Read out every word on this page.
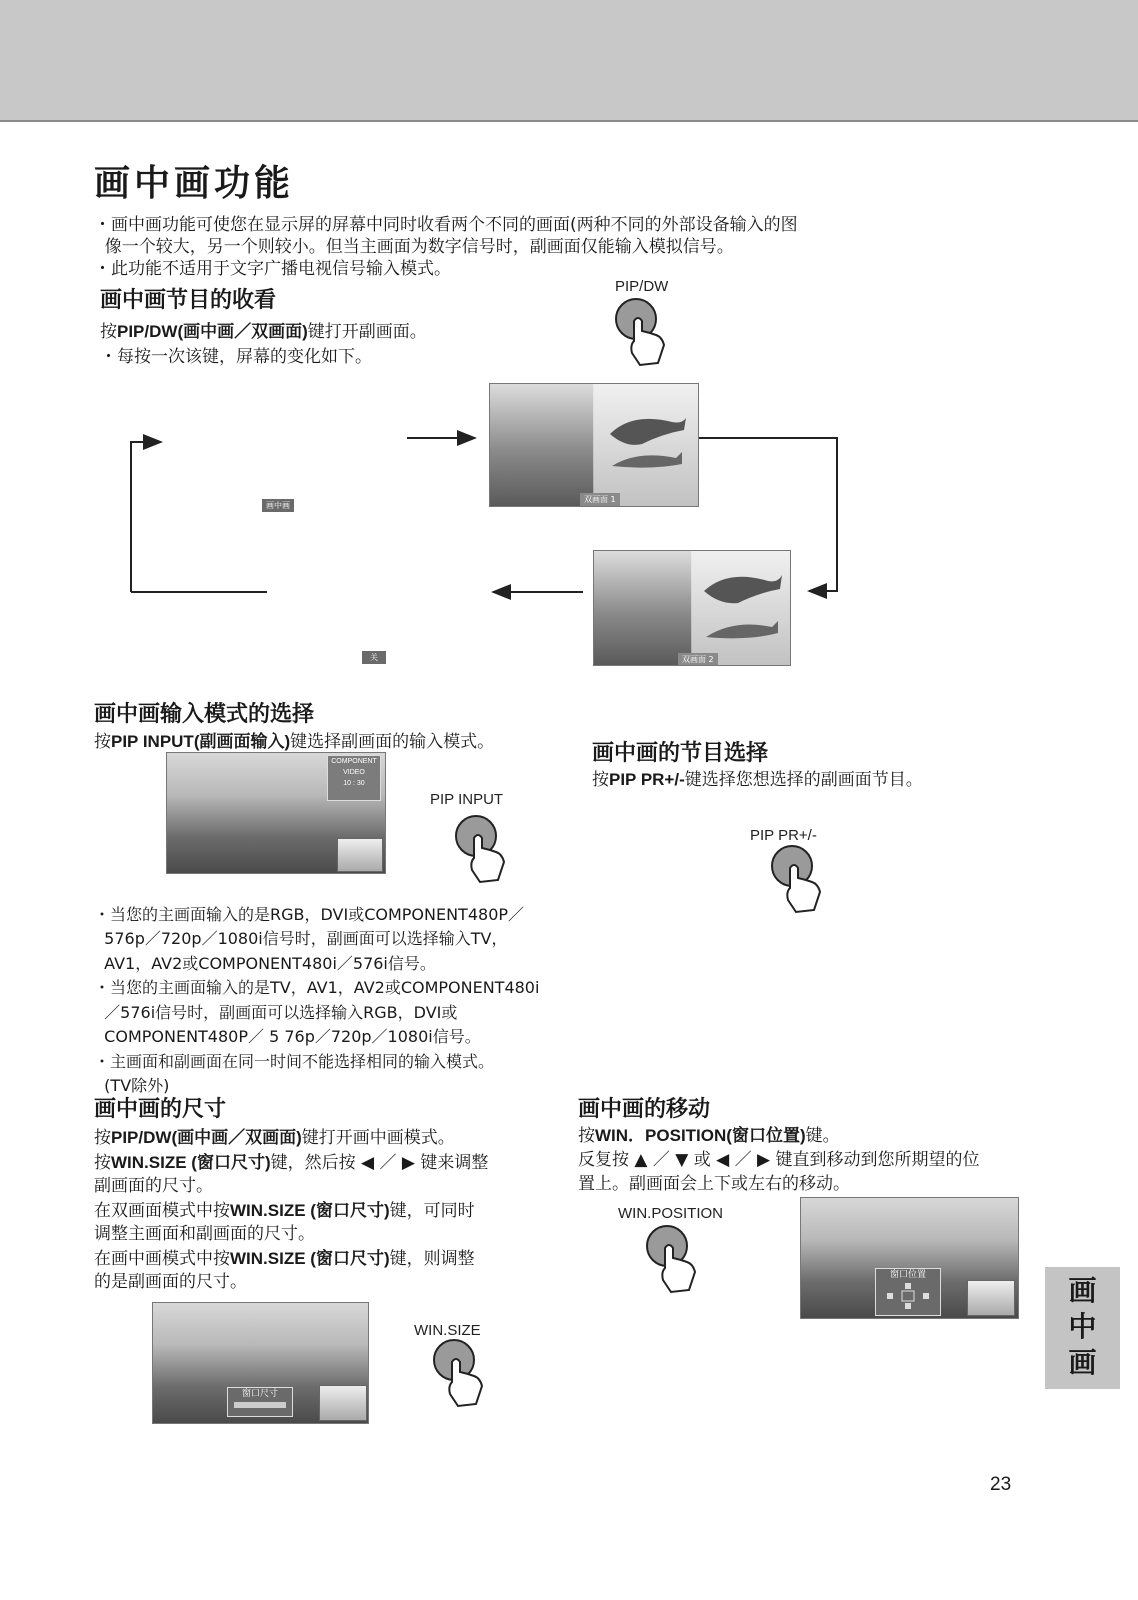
画中画功能

・画中画功能可使您在显示屏的屏幕中同时收看两个不同的画面(两种不同的外部设备输入的图

像一个较大，另一个则较小。但当主画面为数字信号时，副画面仅能输入模拟信号。

・此功能不适用于文字广播电视信号输入模式。

画中画节目的收看
PIP/DW
按PIP/DW(画中画／双画面)键打开副画面。
・每按一次该键，屏幕的变化如下。
画中画
双画面 1
双画面 2
关
画中画输入模式的选择
按PIP INPUT(副画面输入)键选择副画面的输入模式。
COMPONENT
VIDEO
10 : 30
PIP INPUT

・当您的主画面输入的是RGB，DVI或COMPONENT480P／
576p／720p／1080i信号时，副画面可以选择输入TV，
AV1，AV2或COMPONENT480i／576i信号。
・当您的主画面输入的是TV，AV1，AV2或COMPONENT480i
／576i信号时，副画面可以选择输入RGB，DVI或
COMPONENT480P／ 5 76p／720p／1080i信号。
・主画面和副画面在同一时间不能选择相同的输入模式。
(TV除外)

画中画的节目选择
按PIP PR+/-键选择您想选择的副画面节目。
PIP PR+/-
画中画的尺寸
按PIP/DW(画中画／双画面)键打开画中画模式。
按WIN.SIZE (窗口尺寸)键，然后按 ◀ ／ ▶ 键来调整
副画面的尺寸。
在双画面模式中按WIN.SIZE (窗口尺寸)键，可同时
调整主画面和副画面的尺寸。
在画中画模式中按WIN.SIZE (窗口尺寸)键，则调整
的是副画面的尺寸。
窗口尺寸
WIN.SIZE
画中画的移动
按WIN．POSITION(窗口位置)键。
反复按 ▲ ／ ▼ 或 ◀ ／ ▶ 键直到移动到您所期望的位
置上。副画面会上下或左右的移动。
WIN.POSITION
窗口位置	画
中
画
23
